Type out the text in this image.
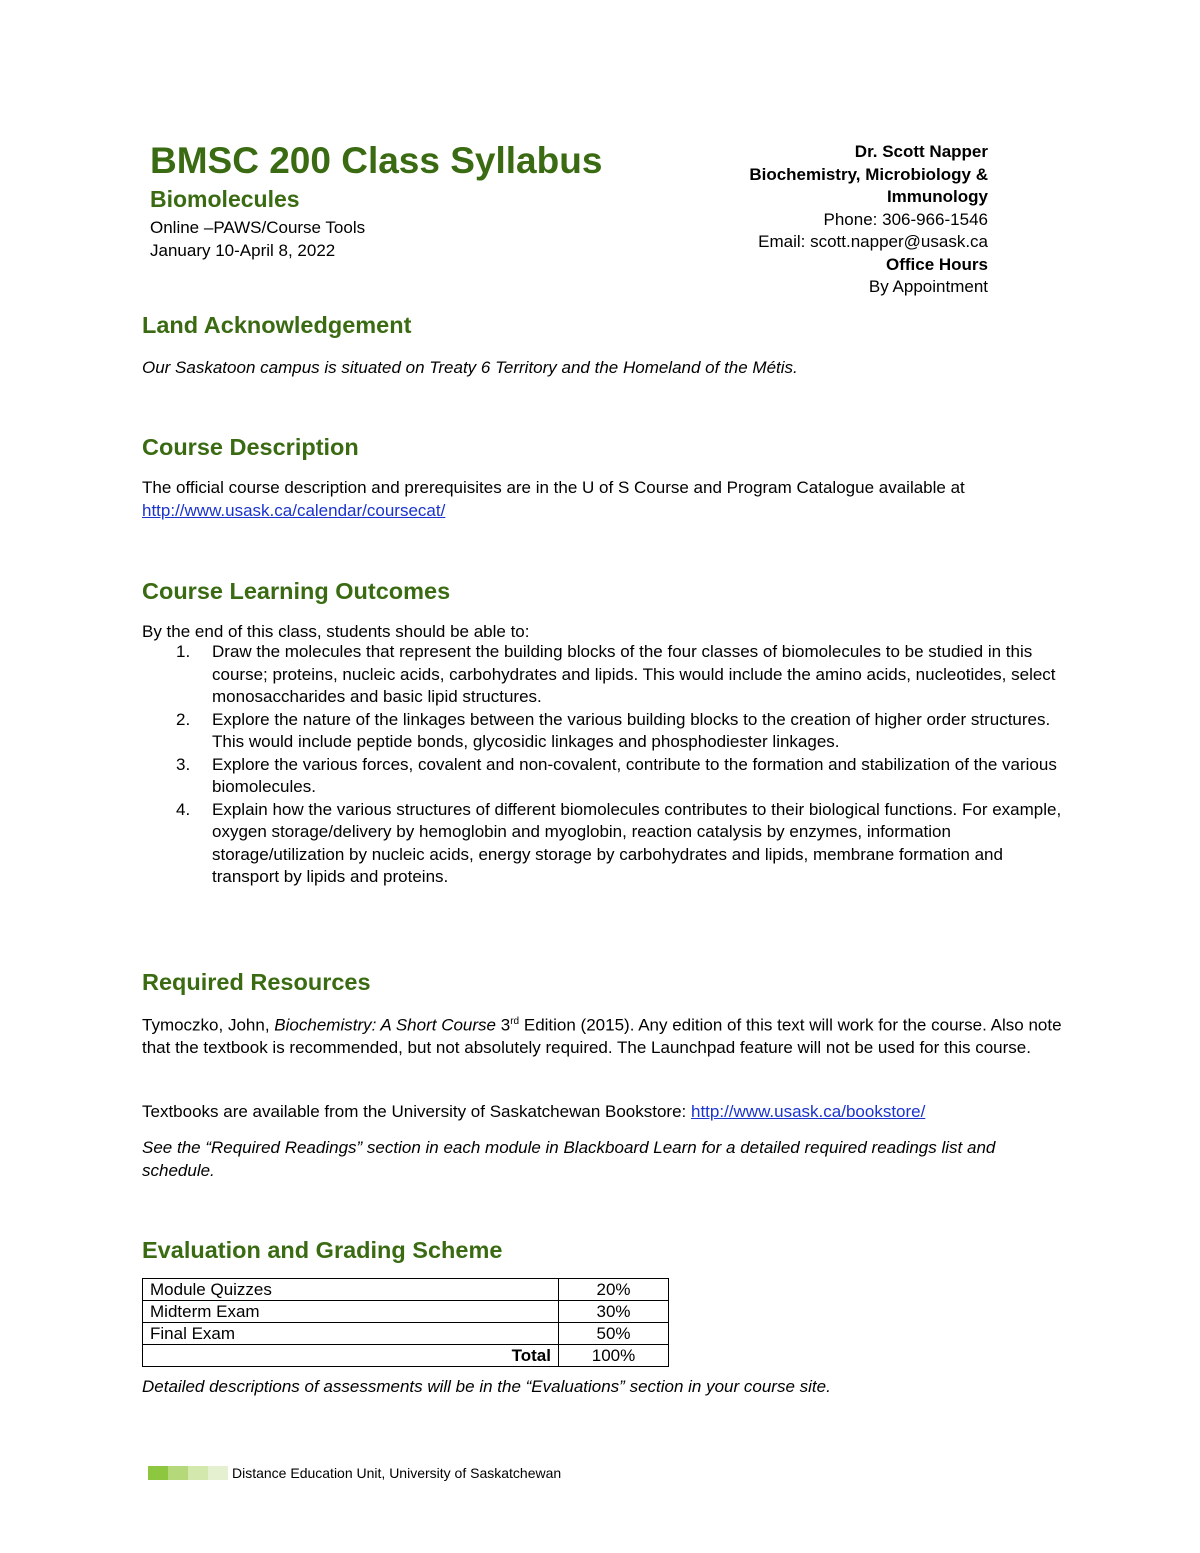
BMSC 200 Class Syllabus
Biomolecules
Online –PAWS/Course Tools
January 10-April 8, 2022
Dr. Scott Napper
Biochemistry, Microbiology & Immunology
Phone: 306-966-1546
Email: scott.napper@usask.ca
Office Hours
By Appointment
Land Acknowledgement

Our Saskatoon campus is situated on Treaty 6 Territory and the Homeland of the Métis.

Course Description

The official course description and prerequisites are in the U of S Course and Program Catalogue available at http://www.usask.ca/calendar/coursecat/

Course Learning Outcomes

By the end of this class, students should be able to:

1. Draw the molecules that represent the building blocks of the four classes of biomolecules to be studied in this course; proteins, nucleic acids, carbohydrates and lipids. This would include the amino acids, nucleotides, select monosaccharides and basic lipid structures.
2. Explore the nature of the linkages between the various building blocks to the creation of higher order structures. This would include peptide bonds, glycosidic linkages and phosphodiester linkages.
3. Explore the various forces, covalent and non-covalent, contribute to the formation and stabilization of the various biomolecules.
4. Explain how the various structures of different biomolecules contributes to their biological functions. For example, oxygen storage/delivery by hemoglobin and myoglobin, reaction catalysis by enzymes, information storage/utilization by nucleic acids, energy storage by carbohydrates and lipids, membrane formation and transport by lipids and proteins.
Required Resources

Tymoczko, John, Biochemistry: A Short Course 3rd Edition (2015). Any edition of this text will work for the course. Also note that the textbook is recommended, but not absolutely required. The Launchpad feature will not be used for this course.

Textbooks are available from the University of Saskatchewan Bookstore: http://www.usask.ca/bookstore/

See the “Required Readings” section in each module in Blackboard Learn for a detailed required readings list and schedule.

Evaluation and Grading Scheme
Module Quizzes	20%
Midterm Exam	30%
Final Exam	50%
Total	100%

Detailed descriptions of assessments will be in the “Evaluations” section in your course site.

Distance Education Unit, University of Saskatchewan
